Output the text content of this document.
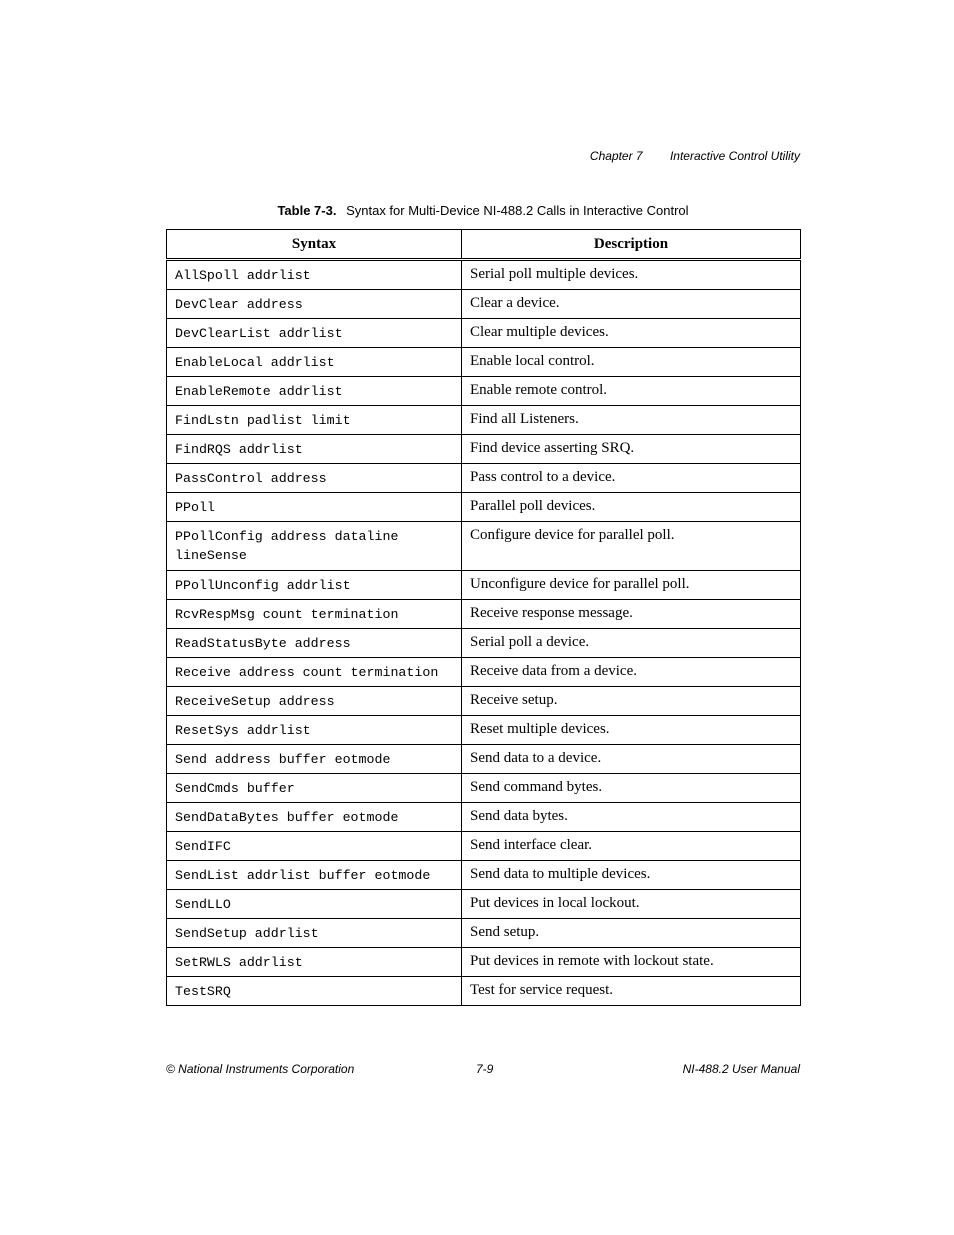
Chapter 7 Interactive Control Utility
Table 7-3. Syntax for Multi-Device NI-488.2 Calls in Interactive Control
Syntax	Description
AllSpoll addrlist	Serial poll multiple devices.
DevClear address	Clear a device.
DevClearList addrlist	Clear multiple devices.
EnableLocal addrlist	Enable local control.
EnableRemote addrlist	Enable remote control.
FindLstn padlist limit	Find all Listeners.
FindRQS addrlist	Find device asserting SRQ.
PassControl address	Pass control to a device.
PPoll	Parallel poll devices.
PPollConfig address dataline lineSense	Configure device for parallel poll.
PPollUnconfig addrlist	Unconfigure device for parallel poll.
RcvRespMsg count termination	Receive response message.
ReadStatusByte address	Serial poll a device.
Receive address count termination	Receive data from a device.
ReceiveSetup address	Receive setup.
ResetSys addrlist	Reset multiple devices.
Send address buffer eotmode	Send data to a device.
SendCmds buffer	Send command bytes.
SendDataBytes buffer eotmode	Send data bytes.
SendIFC	Send interface clear.
SendList addrlist buffer eotmode	Send data to multiple devices.
SendLLO	Put devices in local lockout.
SendSetup addrlist	Send setup.
SetRWLS addrlist	Put devices in remote with lockout state.
TestSRQ	Test for service request.
© National Instruments Corporation	7-9	NI-488.2 User Manual
